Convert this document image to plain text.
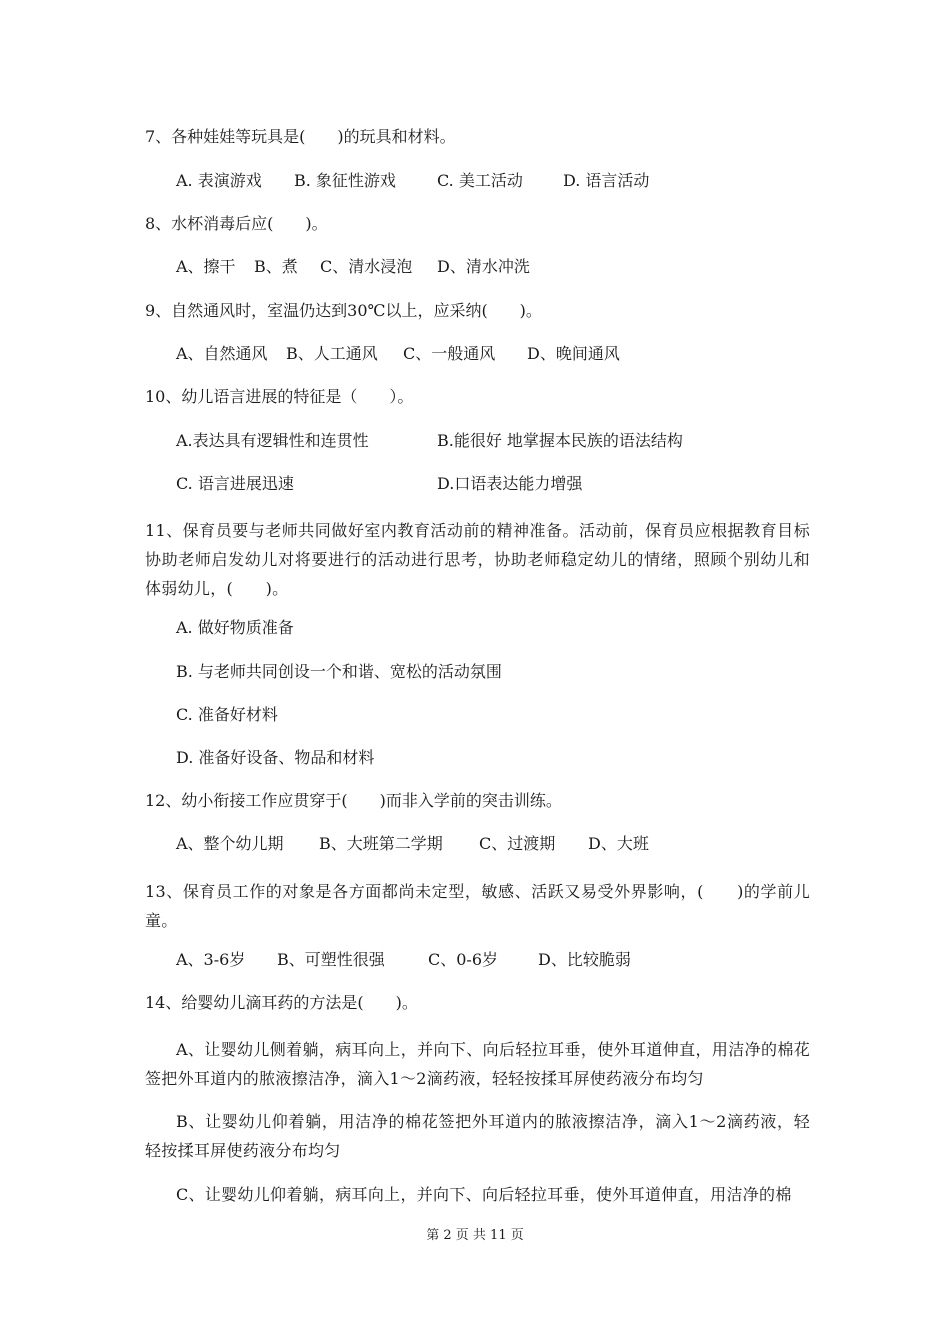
7、各种娃娃等玩具是(　　)的玩具和材料。
A. 表演游戏 B. 象征性游戏	C. 美工活动	D. 语言活动
8、水杯消毒后应(　　)。
A、擦干 B、煮 C、清水浸泡 D、清水冲洗
9、自然通风时，室温仍达到30℃以上，应采纳(　　)。
A、自然通风 B、人工通风 C、一般通风 D、晚间通风
10、幼儿语言进展的特征是（　　）。
A.表达具有逻辑性和连贯性	B.能很好 地掌握本民族的语法结构
C. 语言进展迅速	D.口语表达能力增强
11、保育员要与老师共同做好室内教育活动前的精神准备。活动前，保育员应根据教育目标协助老师启发幼儿对将要进行的活动进行思考，协助老师稳定幼儿的情绪，照顾个别幼儿和体弱幼儿，(　　)。
A. 做好物质准备
B. 与老师共同创设一个和谐、宽松的活动氛围
C. 准备好材料
D. 准备好设备、物品和材料
12、幼小衔接工作应贯穿于(　　)而非入学前的突击训练。
A、整个幼儿期 B、大班第二学期 C、过渡期 D、大班
13、保育员工作的对象是各方面都尚未定型，敏感、活跃又易受外界影响，(　　)的学前儿童。
A、3-6岁 B、可塑性很强	C、0-6岁 D、比较脆弱
14、给婴幼儿滴耳药的方法是(　　)。
A、让婴幼儿侧着躺，病耳向上，并向下、向后轻拉耳垂，使外耳道伸直，用洁净的棉花签把外耳道内的脓液擦洁净，滴入1～2滴药液，轻轻按揉耳屏使药液分布均匀
B、让婴幼儿仰着躺，用洁净的棉花签把外耳道内的脓液擦洁净，滴入1～2滴药液，轻轻按揉耳屏使药液分布均匀
C、让婴幼儿仰着躺，病耳向上，并向下、向后轻拉耳垂，使外耳道伸直，用洁净的棉
第 2 页 共 11 页
